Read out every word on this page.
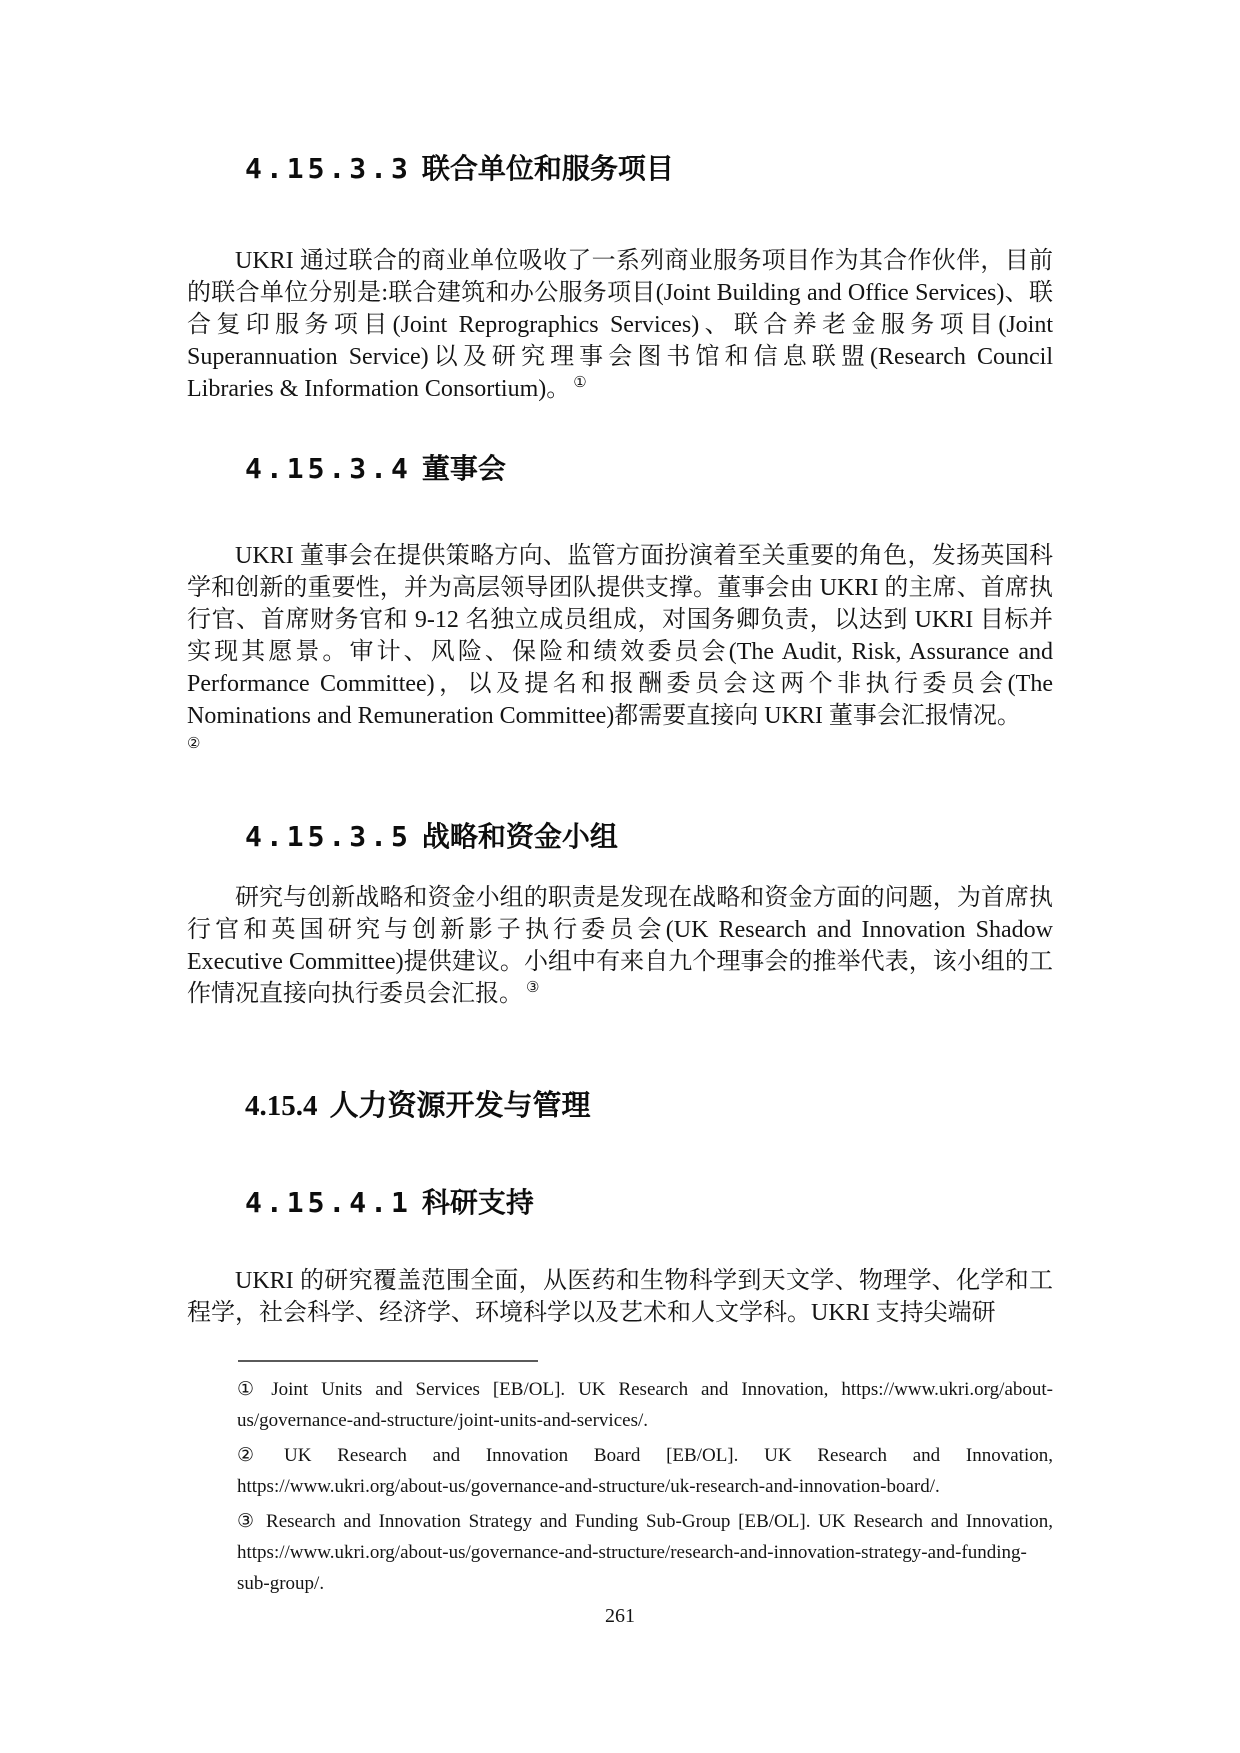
4.15.3.3 联合单位和服务项目
UKRI 通过联合的商业单位吸收了一系列商业服务项目作为其合作伙伴，目前的联合单位分别是:联合建筑和办公服务项目(Joint Building and Office Services)、联合复印服务项目(Joint Reprographics Services)、联合养老金服务项目(Joint Superannuation Service)以及研究理事会图书馆和信息联盟(Research Council Libraries & Information Consortium)。 ①
4.15.3.4 董事会
UKRI 董事会在提供策略方向、监管方面扮演着至关重要的角色，发扬英国科学和创新的重要性，并为高层领导团队提供支撑。董事会由 UKRI 的主席、首席执行官、首席财务官和 9-12 名独立成员组成，对国务卿负责，以达到 UKRI 目标并实现其愿景。审计、风险、保险和绩效委员会(The Audit, Risk, Assurance and Performance Committee)，以及提名和报酬委员会这两个非执行委员会(The Nominations and Remuneration Committee)都需要直接向 UKRI 董事会汇报情况。
②
4.15.3.5 战略和资金小组
研究与创新战略和资金小组的职责是发现在战略和资金方面的问题，为首席执行官和英国研究与创新影子执行委员会(UK Research and Innovation Shadow Executive Committee)提供建议。小组中有来自九个理事会的推举代表，该小组的工作情况直接向执行委员会汇报。 ③
4.15.4 人力资源开发与管理
4.15.4.1 科研支持
UKRI 的研究覆盖范围全面，从医药和生物科学到天文学、物理学、化学和工程学，社会科学、经济学、环境科学以及艺术和人文学科。UKRI 支持尖端研
① Joint Units and Services [EB/OL]. UK Research and Innovation, https://www.ukri.org/about-us/governance-and-structure/joint-units-and-services/.
② UK Research and Innovation Board [EB/OL]. UK Research and Innovation, https://www.ukri.org/about-us/governance-and-structure/uk-research-and-innovation-board/.
③ Research and Innovation Strategy and Funding Sub-Group [EB/OL]. UK Research and Innovation, https://www.ukri.org/about-us/governance-and-structure/research-and-innovation-strategy-and-funding-sub-group/.
261
